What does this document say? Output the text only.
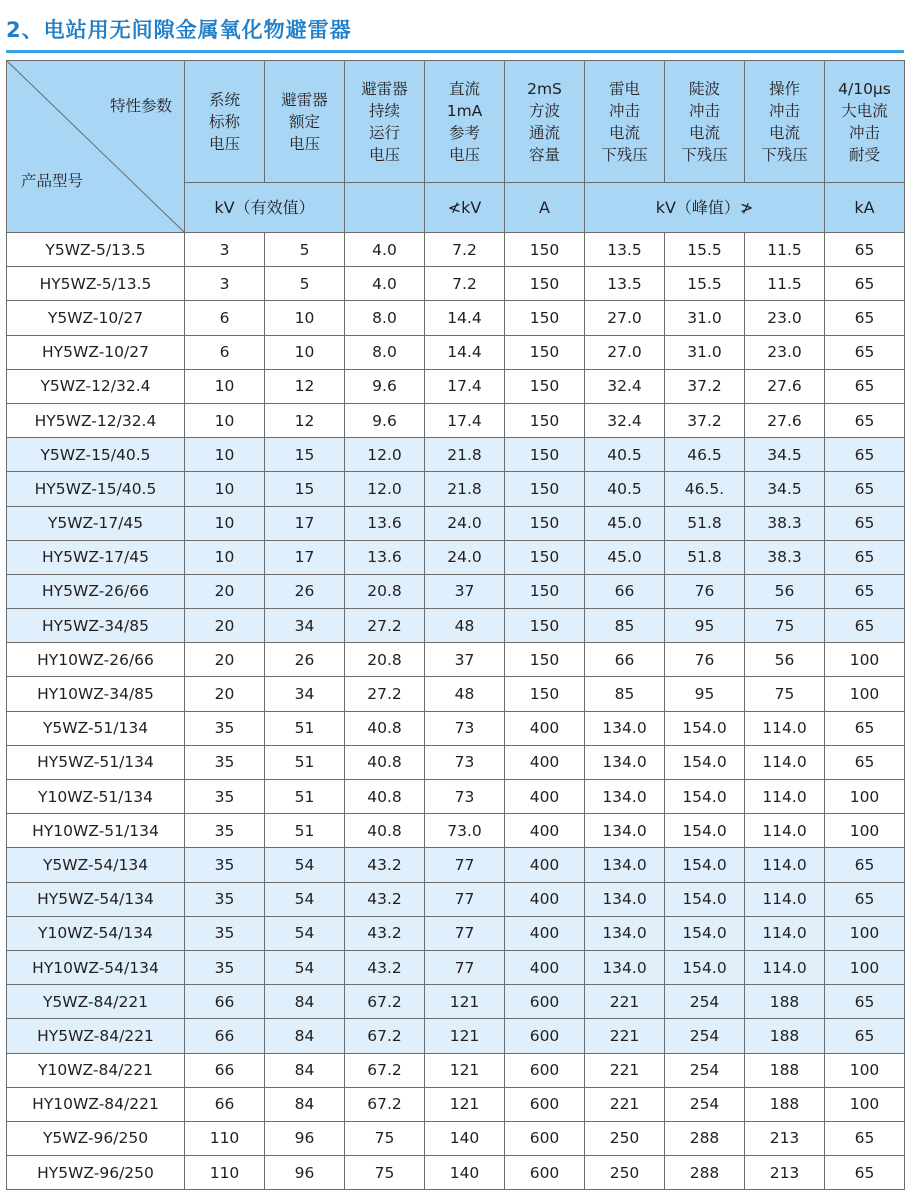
2、电站用无间隙金属氧化物避雷器
特性参数
产品型号	系统
标称
电压	避雷器
额定
电压	避雷器
持续
运行
电压	直流
1mA
参考
电压	2mS
方波
通流
容量	雷电
冲击
电流
下残压	陡波
冲击
电流
下残压	操作
冲击
电流
下残压	4/10μs
大电流
冲击
耐受
	kV（有效值）			≮kV	A	kV（峰值）≯			kA
Y5WZ-5/13.5	3	5	4.0	7.2	150	13.5	15.5	11.5	65
HY5WZ-5/13.5	3	5	4.0	7.2	150	13.5	15.5	11.5	65
Y5WZ-10/27	6	10	8.0	14.4	150	27.0	31.0	23.0	65
HY5WZ-10/27	6	10	8.0	14.4	150	27.0	31.0	23.0	65
Y5WZ-12/32.4	10	12	9.6	17.4	150	32.4	37.2	27.6	65
HY5WZ-12/32.4	10	12	9.6	17.4	150	32.4	37.2	27.6	65
Y5WZ-15/40.5	10	15	12.0	21.8	150	40.5	46.5	34.5	65
HY5WZ-15/40.5	10	15	12.0	21.8	150	40.5	46.5.	34.5	65
Y5WZ-17/45	10	17	13.6	24.0	150	45.0	51.8	38.3	65
HY5WZ-17/45	10	17	13.6	24.0	150	45.0	51.8	38.3	65
HY5WZ-26/66	20	26	20.8	37	150	66	76	56	65
HY5WZ-34/85	20	34	27.2	48	150	85	95	75	65
HY10WZ-26/66	20	26	20.8	37	150	66	76	56	100
HY10WZ-34/85	20	34	27.2	48	150	85	95	75	100
Y5WZ-51/134	35	51	40.8	73	400	134.0	154.0	114.0	65
HY5WZ-51/134	35	51	40.8	73	400	134.0	154.0	114.0	65
Y10WZ-51/134	35	51	40.8	73	400	134.0	154.0	114.0	100
HY10WZ-51/134	35	51	40.8	73.0	400	134.0	154.0	114.0	100
Y5WZ-54/134	35	54	43.2	77	400	134.0	154.0	114.0	65
HY5WZ-54/134	35	54	43.2	77	400	134.0	154.0	114.0	65
Y10WZ-54/134	35	54	43.2	77	400	134.0	154.0	114.0	100
HY10WZ-54/134	35	54	43.2	77	400	134.0	154.0	114.0	100
Y5WZ-84/221	66	84	67.2	121	600	221	254	188	65
HY5WZ-84/221	66	84	67.2	121	600	221	254	188	65
Y10WZ-84/221	66	84	67.2	121	600	221	254	188	100
HY10WZ-84/221	66	84	67.2	121	600	221	254	188	100
Y5WZ-96/250	110	96	75	140	600	250	288	213	65
HY5WZ-96/250	110	96	75	140	600	250	288	213	65
